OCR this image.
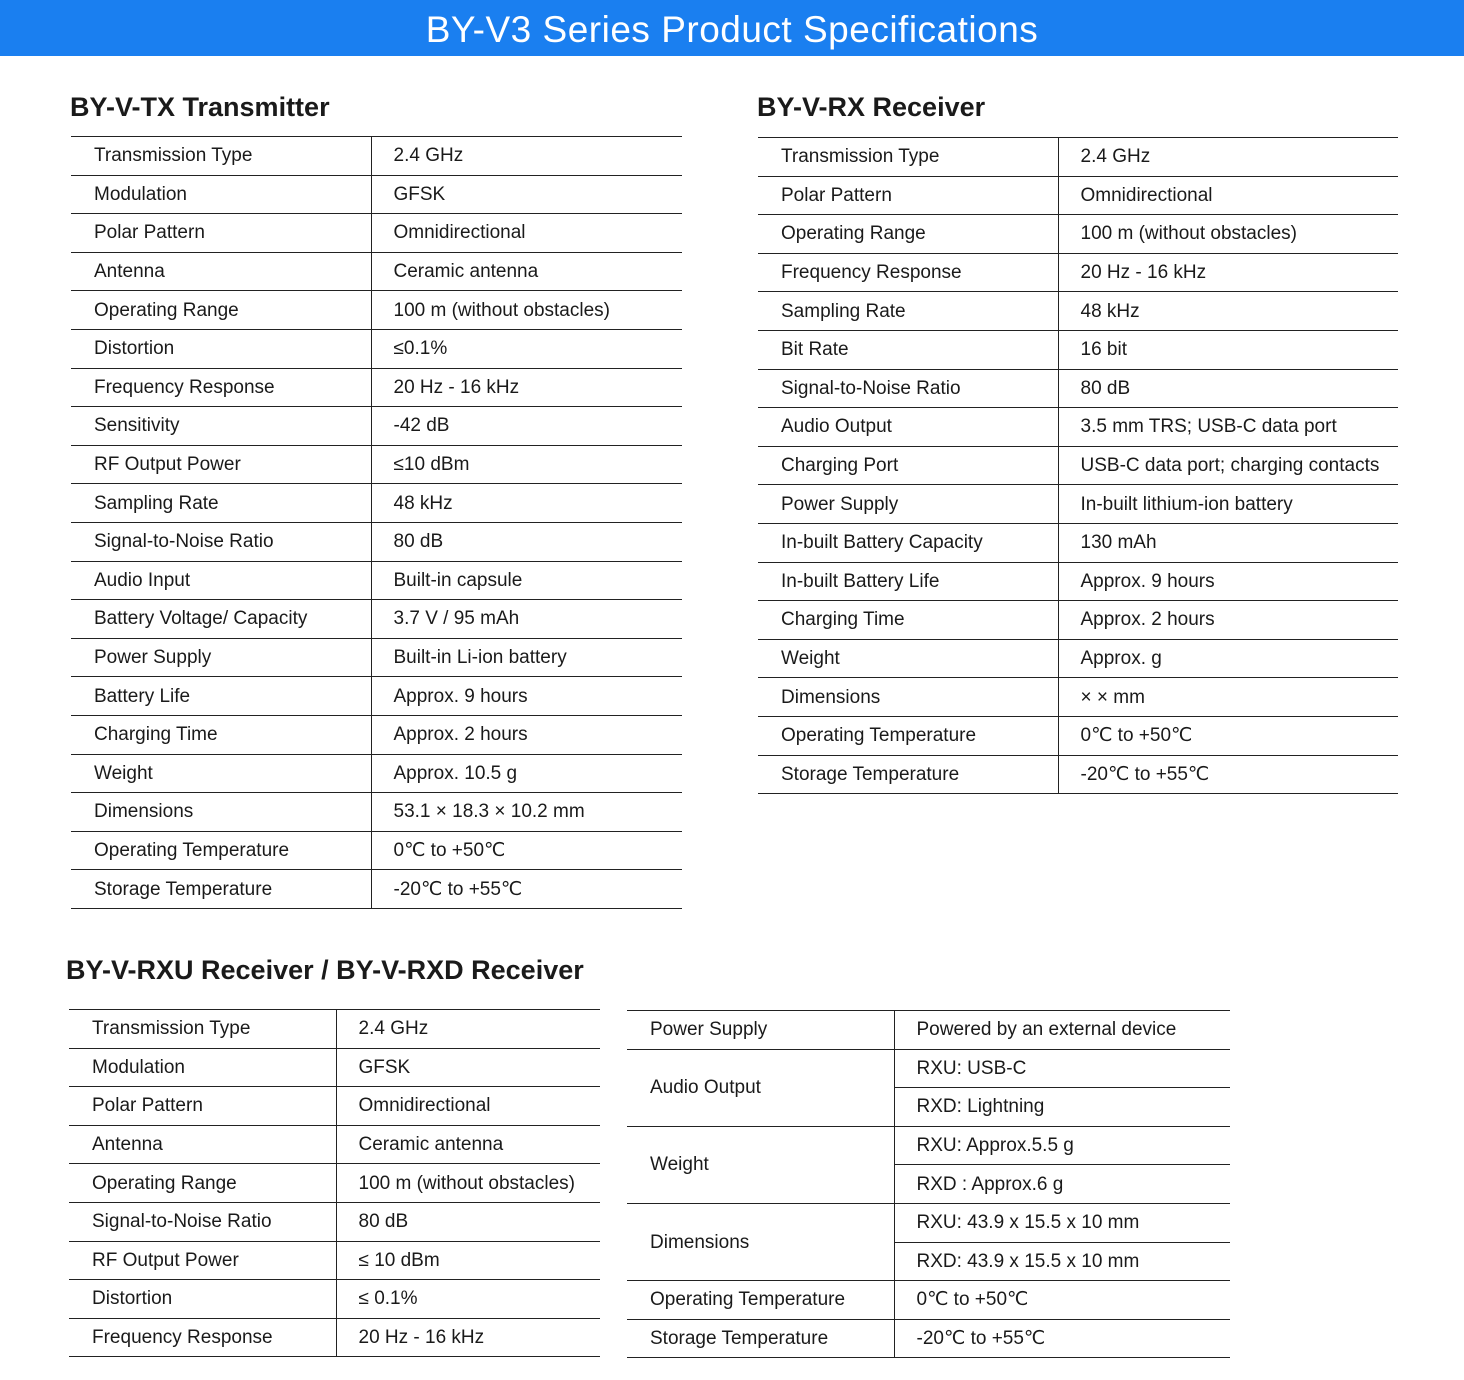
BY-V3 Series Product Specifications
BY-V-TX Transmitter
Transmission Type	2.4 GHz
Modulation	GFSK
Polar Pattern	Omnidirectional
Antenna	Ceramic antenna
Operating Range	100 m (without obstacles)
Distortion	≤0.1%
Frequency Response	20 Hz - 16 kHz
Sensitivity	-42 dB
RF Output Power	≤10 dBm
Sampling Rate	48 kHz
Signal-to-Noise Ratio	80 dB
Audio Input	Built-in capsule
Battery Voltage/ Capacity	3.7 V / 95 mAh
Power Supply	Built-in Li-ion battery
Battery Life	Approx. 9 hours
Charging Time	Approx. 2 hours
Weight	Approx. 10.5 g
Dimensions	53.1 × 18.3 × 10.2 mm
Operating Temperature	0℃ to +50℃
Storage Temperature	-20℃ to +55℃
BY-V-RX Receiver
Transmission Type	2.4 GHz
Polar Pattern	Omnidirectional
Operating Range	100 m (without obstacles)
Frequency Response	20 Hz - 16 kHz
Sampling Rate	48 kHz
Bit Rate	16 bit
Signal-to-Noise Ratio	80 dB
Audio Output	3.5 mm TRS; USB-C data port
Charging Port	USB-C data port; charging contacts
Power Supply	In-built lithium-ion battery
In-built Battery Capacity	130 mAh
In-built Battery Life	Approx. 9 hours
Charging Time	Approx. 2 hours
Weight	Approx. g
Dimensions	× × mm
Operating Temperature	0℃ to +50℃
Storage Temperature	-20℃ to +55℃
BY-V-RXU Receiver / BY-V-RXD Receiver
Transmission Type	2.4 GHz
Modulation	GFSK
Polar Pattern	Omnidirectional
Antenna	Ceramic antenna
Operating Range	100 m (without obstacles)
Signal-to-Noise Ratio	80 dB
RF Output Power	≤ 10 dBm
Distortion	≤ 0.1%
Frequency Response	20 Hz - 16 kHz
Power Supply	Powered by an external device
Audio Output	RXU: USB-C
	RXD: Lightning
Weight	RXU: Approx.5.5 g
	RXD : Approx.6 g
Dimensions	RXU: 43.9 x 15.5 x 10 mm
	RXD: 43.9 x 15.5 x 10 mm
Operating Temperature	0℃ to +50℃
Storage Temperature	-20℃ to +55℃
